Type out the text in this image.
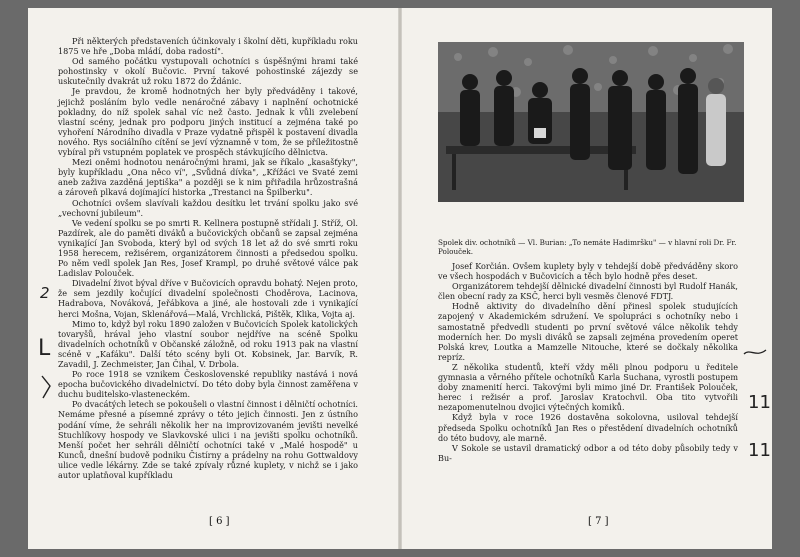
Při některých představeních účinkovaly i školní děti, kupříkladu roku 1875 ve hře „Doba mládí, doba radostí".

Od samého počátku vystupovali ochotníci s úspěšnými hrami také pohostinsky v okolí Bučovic. První takové pohostinské zájezdy se uskutečnily dvakrát už roku 1872 do Ždánic.

Je pravdou, že kromě hodnotných her byly předváděny i takové, jejichž posláním bylo vedle nenáročné zábavy i naplnění ochotnické pokladny, do níž spolek sahal víc než často. Jednak k vůli zvelebení vlastní scény, jednak pro podporu jiných institucí a zejména také po vyhoření Národního divadla v Praze vydatně přispěl k postavení divadla nového. Rys sociálního cítění se jeví významně v tom, že se příležitostně vybíral při vstupném poplatek ve prospěch stávkujícího dělnictva.

Mezi oněmi hodnotou nenáročnými hrami, jak se říkalo „kasašťyky", byly kupříkladu „Ona něco ví", „Svůdná dívka", „Křížáci ve Svaté zemi aneb zaživa zazděná jeptiška" a později se k nim přiřadila hrůzostrašná a zároveň plkavá dojímající historka „Trestanci na Špilberku".

Ochotníci ovšem slavívali každou desítku let trvání spolku jako své „vechovní jubileum".

Ve vedení spolku se po smrti R. Kellnera postupně střídali J. Stříž, Ol. Pazdírek, ale do paměti diváků a bučovických občanů se zapsal zejména vynikající Jan Svoboda, který byl od svých 18 let až do své smrti roku 1958 herecem, režisérem, organizátorem činnosti a předsedou spolku. Po něm vedl spolek Jan Res, Josef Krampl, po druhé světové válce pak Ladislav Polouček.

Divadelní život býval dříve v Bučovicích opravdu bohatý. Nejen proto, že sem jezdily kočující divadelní společnosti Choděrova, Lacinova, Hadrabova, Nováková, Jeřábkova a jiné, ale hostovali zde i vynikající herci Mošna, Vojan, Sklenářová—Malá, Vrchlická, Pištěk, Klika, Vojta aj.

Mimo to, když byl roku 1890 založen v Bučovicích Spolek katolických tovaryšů, hrával jeho vlastní soubor nejdříve na scéně Spolku divadelních ochotníků v Občanské záložně, od roku 1913 pak na vlastní scéně v „Kafáku". Další této scény byli Ot. Kobsinek, Jar. Barvík, R. Zavadil, J. Zechmeister, Jan Čihal, V. Drbola.

Po roce 1918 se vznikem Československé republiky nastává i nová epocha bučovického divadelnictví. Do této doby byla činnost zaměřena v duchu buditelsko-vlasteneckém.

Po dvacátých letech se pokoušeli o vlastní činnost i dělničtí ochotníci. Nemáme přesné a písemné zprávy o této jejich činnosti. Jen z ústního podání víme, že sehráli několik her na improvizovaném jevišti nevelké Stuchlíkovy hospody ve Slavkovské ulici i na jevišti spolku ochotníků. Menší počet her sehráli dělničtí ochotníci také v „Malé hospodě" u Kunců, dnešní budově podniku Čistírny a prádelny na rohu Gottwaldovy ulice vedle lékárny. Zde se také zpívaly různé kuplety, v nichž se i jako autor uplatňoval kupříkladu

[ 6 ]
2
L
Spolek div. ochotníků — Vl. Burian: „To nemáte Hadimršku" — v hlavní roli Dr. Fr. Polouček.

Josef Korčián. Ovšem kuplety byly v tehdejší době předváděny skoro ve všech hospodách v Bučovicích a těch bylo hodně přes deset.

Organizátorem tehdejší dělnické divadelní činnosti byl Rudolf Hanák, člen obecní rady za KSČ, herci byli vesměs členové FDTJ.

Hodně aktivity do divadelního dění přinesl spolek studujících zapojený v Akademickém sdružení. Ve spolupráci s ochotníky nebo i samostatně předvedli studenti po první světové válce několik tehdy moderních her. Do mysli diváků se zapsali zejména provedením operet Polská krev, Loutka a Mamzelle Nitouche, které se dočkaly několika repríz.

Z několika studentů, kteří vždy měli plnou podporu u ředitele gymnasia a věrného přítele ochotníků Karla Suchana, vyrostli postupem doby znamenití herci. Takovými byli mimo jiné Dr. František Polouček, herec i režisér a prof. Jaroslav Kratochvil. Oba tito vytvořili nezapomenutelnou dvojici výtečných komiků.

Když byla v roce 1926 dostavěna sokolovna, usiloval tehdejší předseda Spolku ochotníků Jan Res o přestědení divadelních ochotníků do této budovy, ale marně.

V Sokole se ustavil dramatický odbor a od této doby působily tedy v Bu-

[ 7 ]
11
11
